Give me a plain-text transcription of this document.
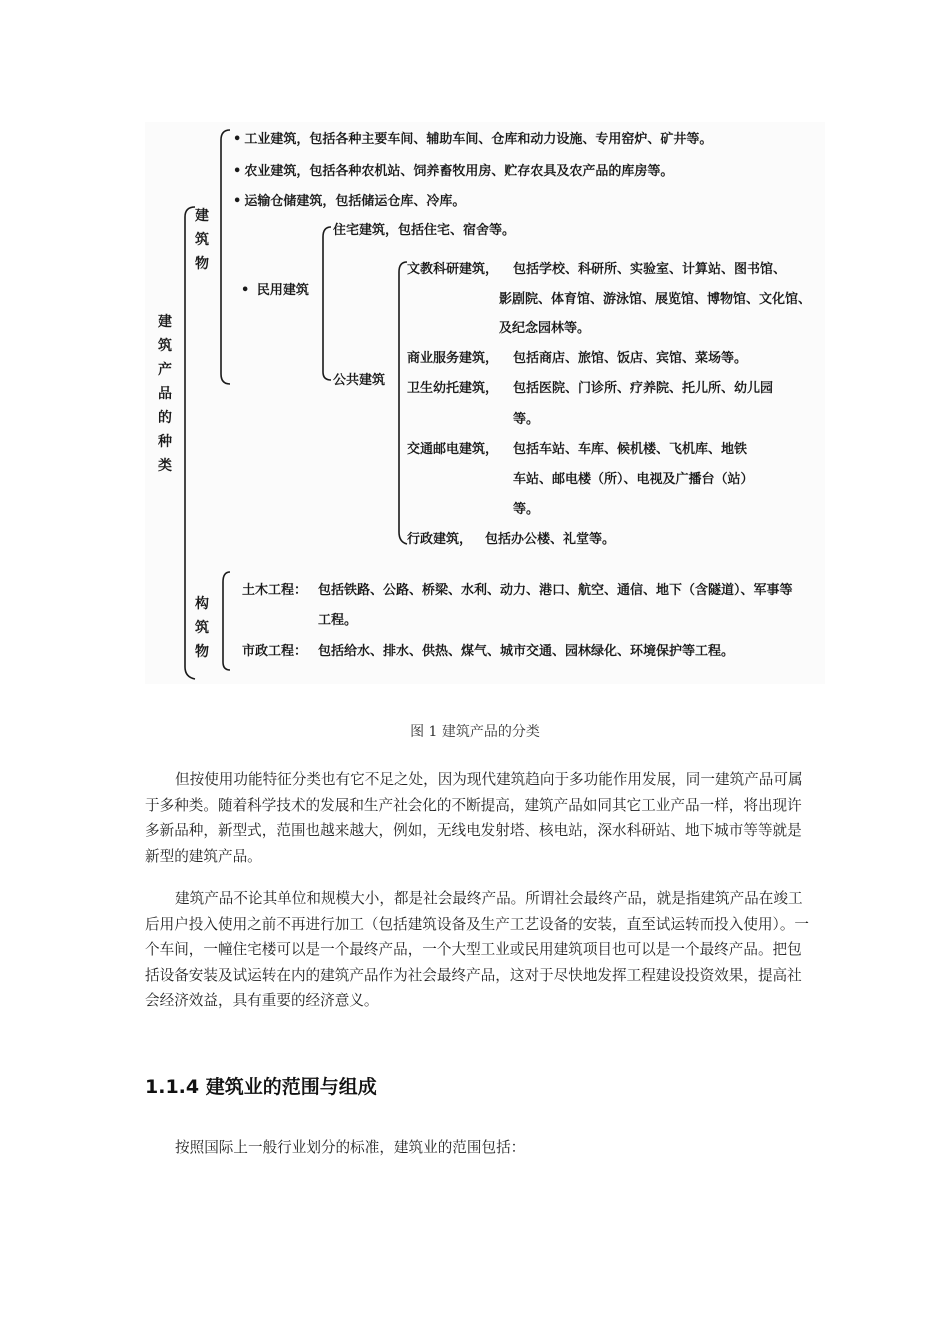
建筑产品的种类
建筑物
• 工业建筑，包括各种主要车间、辅助车间、仓库和动力设施、专用窑炉、矿井等。
• 农业建筑，包括各种农机站、饲养畜牧用房、贮存农具及农产品的库房等。
• 运输仓储建筑，包括储运仓库、冷库。
• 民用建筑
住宅建筑，包括住宅、宿舍等。
公共建筑
文教科研建筑， 包括学校、科研所、实验室、计算站、图书馆、
影剧院、体育馆、游泳馆、展览馆、博物馆、文化馆、
及纪念园林等。
商业服务建筑， 包括商店、旅馆、饭店、宾馆、菜场等。
卫生幼托建筑， 包括医院、门诊所、疗养院、托儿所、幼儿园
等。
交通邮电建筑， 包括车站、车库、候机楼、飞机库、地铁
车站、邮电楼（所）、电视及广播台（站）
等。
行政建筑， 包括办公楼、礼堂等。
构筑物
土木工程： 包括铁路、公路、桥梁、水利、动力、港口、航空、通信、地下（含隧道）、军事等
工程。
市政工程： 包括给水、排水、供热、煤气、城市交通、园林绿化、环境保护等工程。
图 1 建筑产品的分类

但按使用功能特征分类也有它不足之处，因为现代建筑趋向于多功能作用发展，同一建筑产品可属于多种类。随着科学技术的发展和生产社会化的不断提高，建筑产品如同其它工业产品一样，将出现许多新品种，新型式，范围也越来越大，例如，无线电发射塔、核电站，深水科研站、地下城市等等就是新型的建筑产品。

建筑产品不论其单位和规模大小，都是社会最终产品。所谓社会最终产品，就是指建筑产品在竣工后用户投入使用之前不再进行加工（包括建筑设备及生产工艺设备的安装，直至试运转而投入使用）。一个车间，一幢住宅楼可以是一个最终产品，一个大型工业或民用建筑项目也可以是一个最终产品。把包括设备安装及试运转在内的建筑产品作为社会最终产品，这对于尽快地发挥工程建设投资效果，提高社会经济效益，具有重要的经济意义。

1.1.4 建筑业的范围与组成

按照国际上一般行业划分的标准，建筑业的范围包括：
